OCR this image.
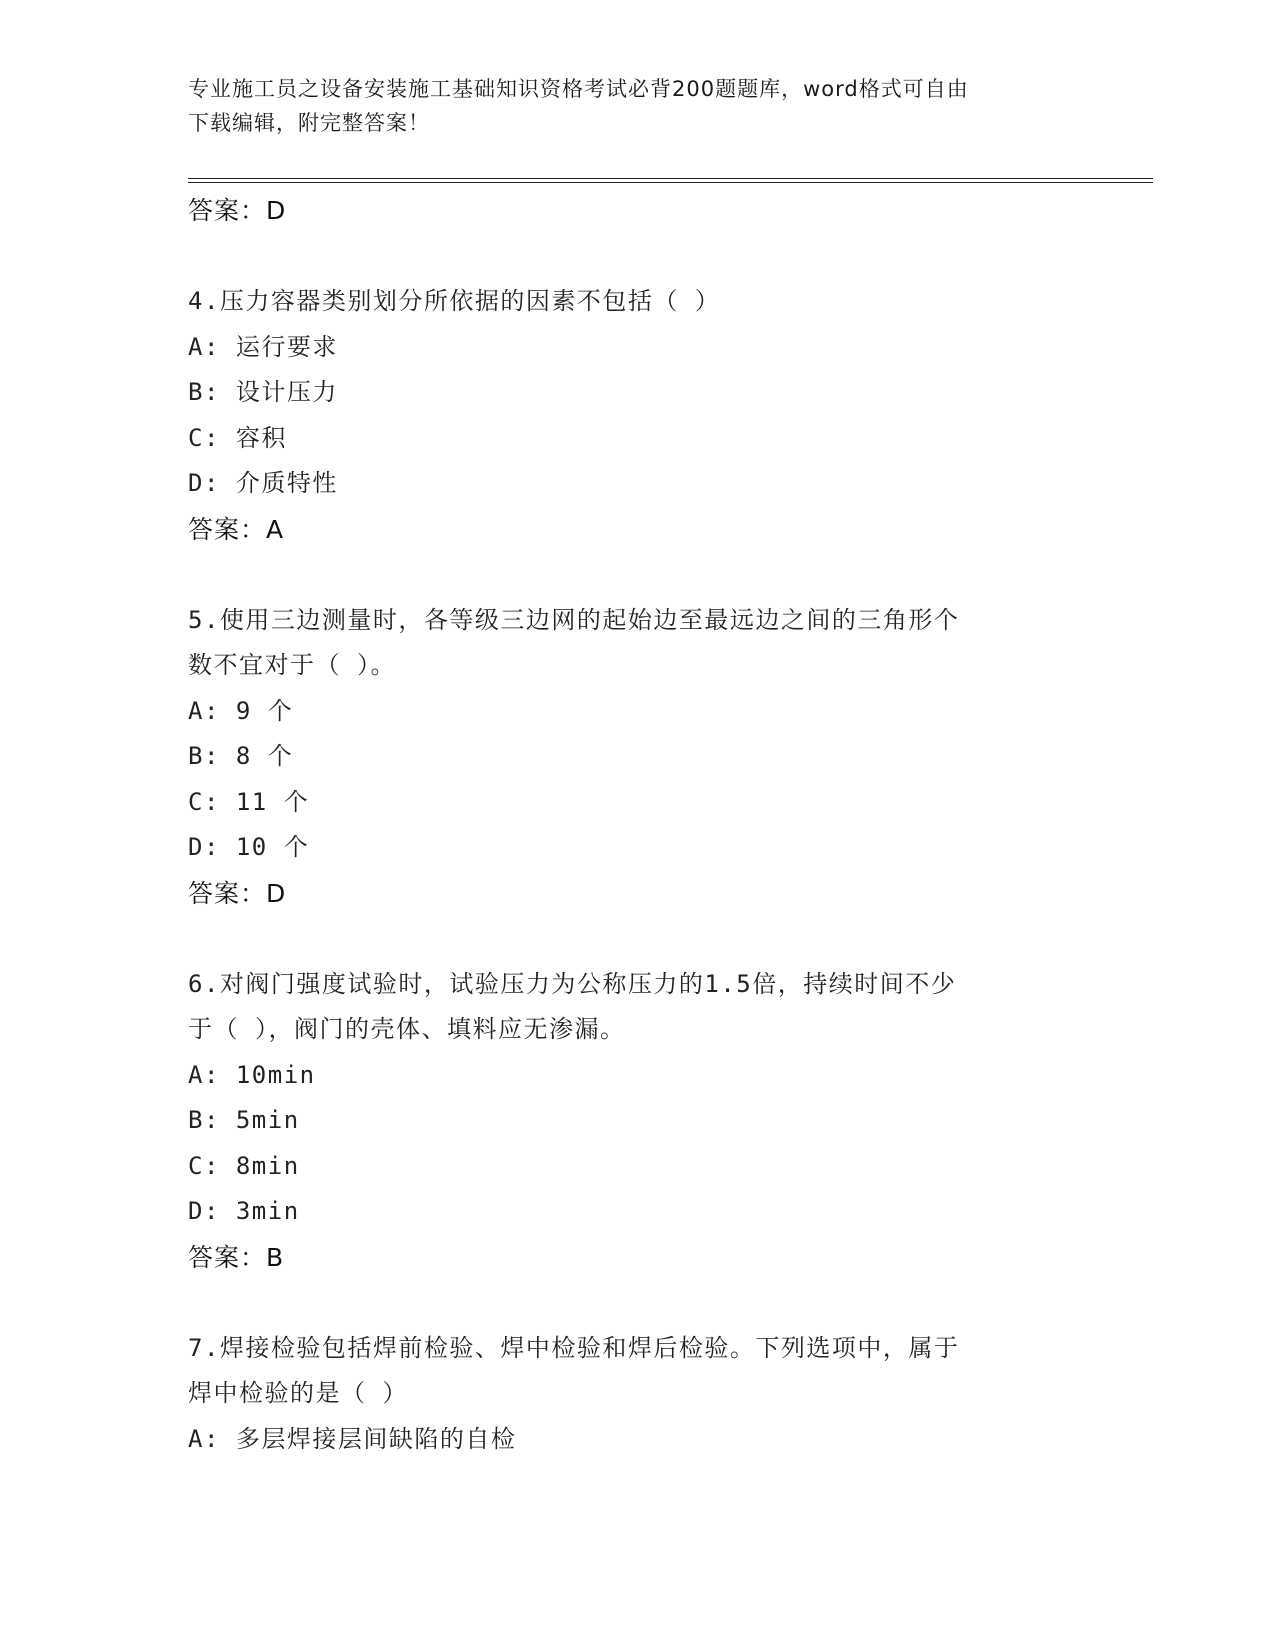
专业施工员之设备安装施工基础知识资格考试必背200题题库，word格式可自由
下载编辑，附完整答案！
答案：D
4.压力容器类别划分所依据的因素不包括（ ）
A: 运行要求
B: 设计压力
C: 容积
D: 介质特性
答案：A
5.使用三边测量时，各等级三边网的起始边至最远边之间的三角形个
数不宜对于（ ）。
A: 9 个
B: 8 个
C: 11 个
D: 10 个
答案：D
6.对阀门强度试验时，试验压力为公称压力的1.5倍，持续时间不少
于（ ），阀门的壳体、填料应无渗漏。
A: 10min
B: 5min
C: 8min
D: 3min
答案：B
7.焊接检验包括焊前检验、焊中检验和焊后检验。下列选项中，属于
焊中检验的是（ ）
A: 多层焊接层间缺陷的自检
